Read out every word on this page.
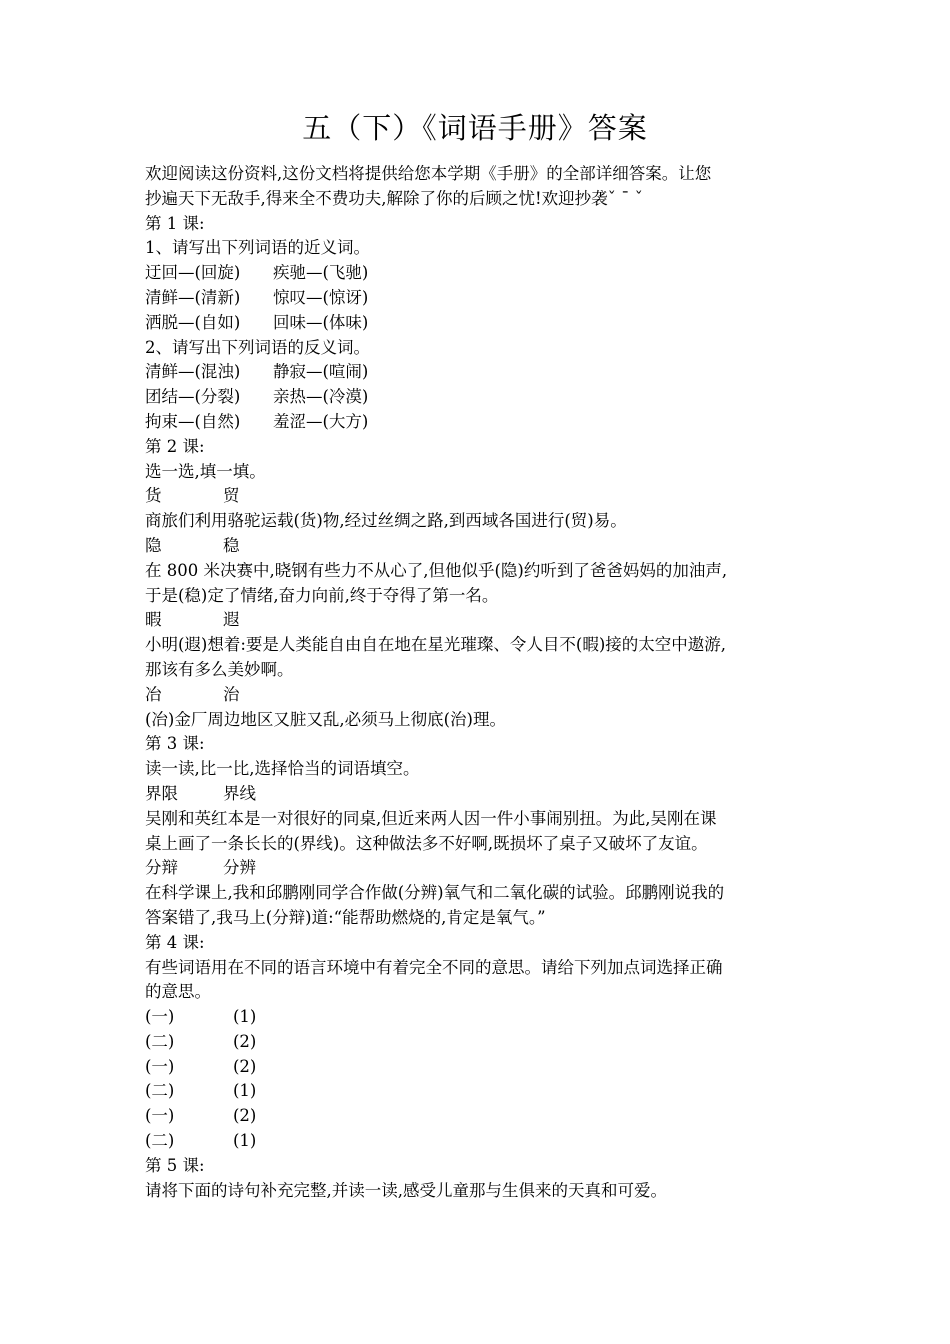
五（下）《词语手册》答案
欢迎阅读这份资料,这份文档将提供给您本学期《手册》的全部详细答案。让您
抄遍天下无敌手,得来全不费功夫,解除了你的后顾之忧!欢迎抄袭ˇ ˉ ˇ
第 1 课:
1、请写出下列词语的近义词。
迂回—(回旋) 疾驰—(飞驰)
清鲜—(清新) 惊叹—(惊讶)
洒脱—(自如) 回味—(体味)
2、请写出下列词语的反义词。
清鲜—(混浊) 静寂—(喧闹)
团结—(分裂) 亲热—(冷漠)
拘束—(自然) 羞涩—(大方)
第 2 课:
选一选,填一填。
货	贸
商旅们利用骆驼运载(货)物,经过丝绸之路,到西域各国进行(贸)易。
隐	稳
在 800 米决赛中,晓钢有些力不从心了,但他似乎(隐)约听到了爸爸妈妈的加油声,
于是(稳)定了情绪,奋力向前,终于夺得了第一名。
暇	遐
小明(遐)想着:要是人类能自由自在地在星光璀璨、令人目不(暇)接的太空中遨游,
那该有多么美妙啊。
冶	治
(冶)金厂周边地区又脏又乱,必须马上彻底(治)理。
第 3 课:
读一读,比一比,选择恰当的词语填空。
界限	界线
吴刚和英红本是一对很好的同桌,但近来两人因一件小事闹别扭。为此,吴刚在课
桌上画了一条长长的(界线)。这种做法多不好啊,既损坏了桌子又破坏了友谊。
分辩	分辨
在科学课上,我和邱鹏刚同学合作做(分辨)氧气和二氧化碳的试验。邱鹏刚说我的
答案错了,我马上(分辩)道:“能帮助燃烧的,肯定是氧气。”
第 4 课:
有些词语用在不同的语言环境中有着完全不同的意思。请给下列加点词选择正确
的意思。
(一)	(1)
(二)	(2)
(一)	(2)
(二)	(1)
(一)	(2)
(二)	(1)
第 5 课:
请将下面的诗句补充完整,并读一读,感受儿童那与生俱来的天真和可爱。
